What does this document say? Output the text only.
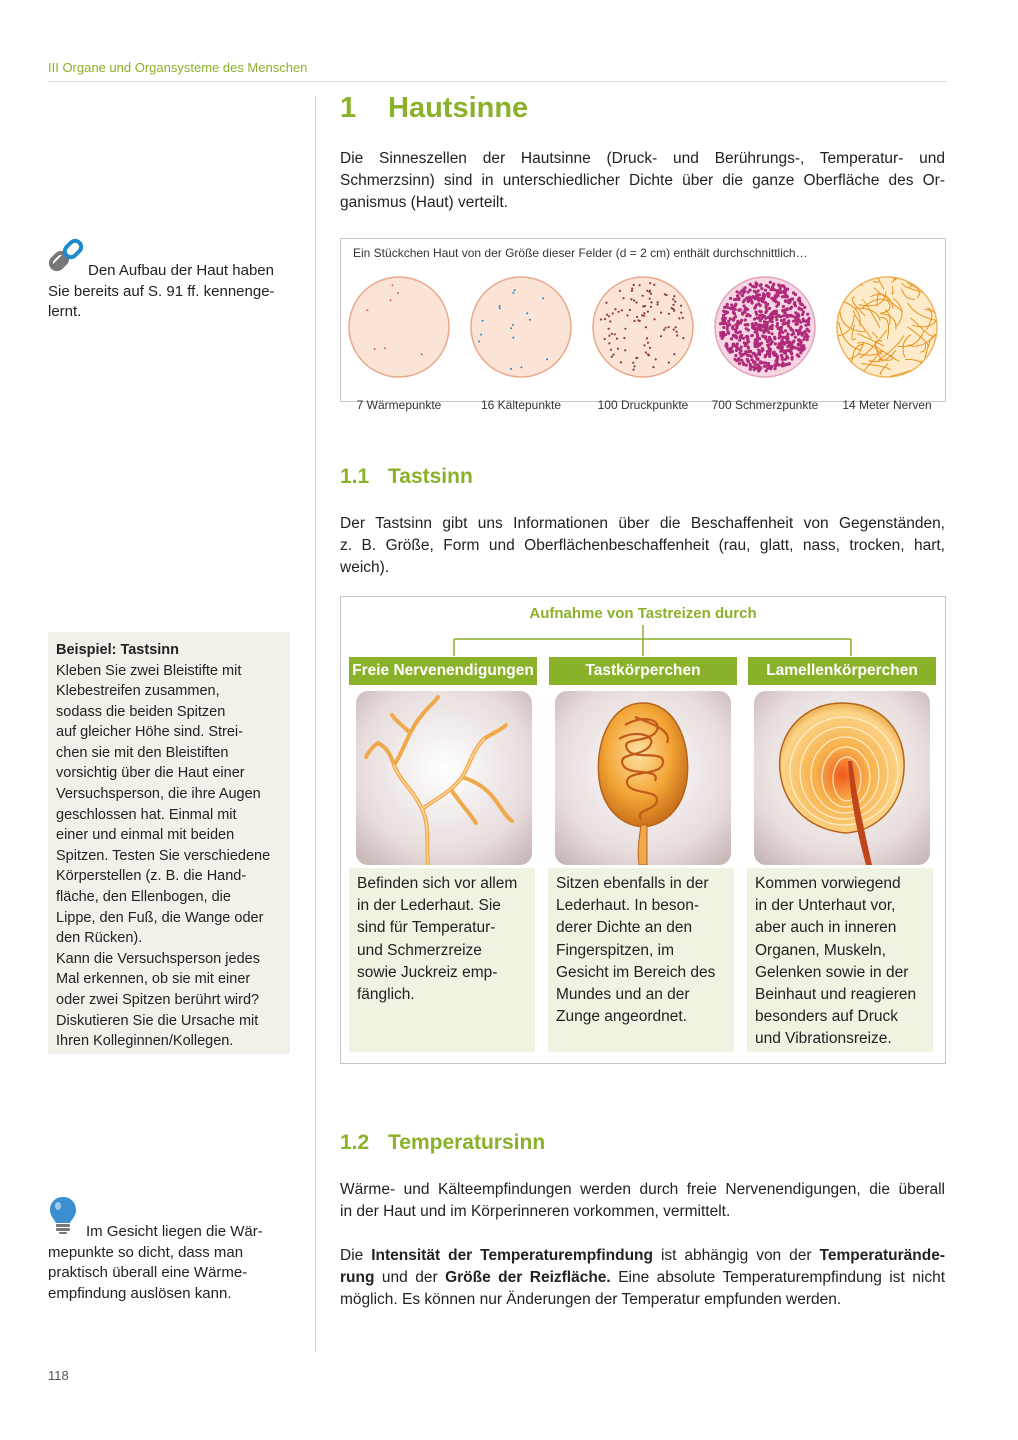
III Organe und Organsysteme des Menschen
1 Hautsinne
Die Sinneszellen der Hautsinne (Druck- und Berührungs-, Temperatur- und
Schmerzsinn) sind in unterschiedlicher Dichte über die ganze Oberfläche des Or-
ganismus (Haut) verteilt.
Ein Stückchen Haut von der Größe dieser Felder (d = 2 cm) enthält durchschnittlich…
7 Wärmepunkte	16 Kältepunkte	100 Druckpunkte	700 Schmerzpunkte	14 Meter Nerven
Den Aufbau der Haut haben
Sie bereits auf S. 91 ff. kennenge-
lernt.
1.1 Tastsinn
Der Tastsinn gibt uns Informationen über die Beschaffenheit von Gegenständen,
z. B. Größe, Form und Oberflächenbeschaffenheit (rau, glatt, nass, trocken, hart,
weich).
Aufnahme von Tastreizen durch
Freie Nervenendigungen
Befinden sich vor allem
in der Lederhaut. Sie
sind für Temperatur-
und Schmerzreize
sowie Juckreiz emp-
fänglich.
Tastkörperchen
Sitzen ebenfalls in der
Lederhaut. In beson-
derer Dichte an den
Fingerspitzen, im
Gesicht im Bereich des
Mundes und an der
Zunge angeordnet.
Lamellenkörperchen
Kommen vorwiegend
in der Unterhaut vor,
aber auch in inneren
Organen, Muskeln,
Gelenken sowie in der
Beinhaut und reagieren
besonders auf Druck
und Vibrationsreize.
Beispiel: Tastsinn
Kleben Sie zwei Bleistifte mit
Klebestreifen zusammen,
sodass die beiden Spitzen
auf gleicher Höhe sind. Strei-
chen sie mit den Bleistiften
vorsichtig über die Haut einer
Versuchsperson, die ihre Augen
geschlossen hat. Einmal mit
einer und einmal mit beiden
Spitzen. Testen Sie verschiedene
Körperstellen (z. B. die Hand-
fläche, den Ellenbogen, die
Lippe, den Fuß, die Wange oder
den Rücken).
Kann die Versuchsperson jedes
Mal erkennen, ob sie mit einer
oder zwei Spitzen berührt wird?
Diskutieren Sie die Ursache mit
Ihren Kolleginnen/Kollegen.
1.2 Temperatursinn
Wärme- und Kälteempfindungen werden durch freie Nervenendigungen, die überall
in der Haut und im Körperinneren vorkommen, vermittelt.
Die Intensität der Temperaturempfindung ist abhängig von der Temperaturände-
rung und der Größe der Reizfläche. Eine absolute Temperaturempfindung ist nicht
möglich. Es können nur Änderungen der Temperatur empfunden werden.
Im Gesicht liegen die Wär-
mepunkte so dicht, dass man
praktisch überall eine Wärme-
empfindung auslösen kann.
118
